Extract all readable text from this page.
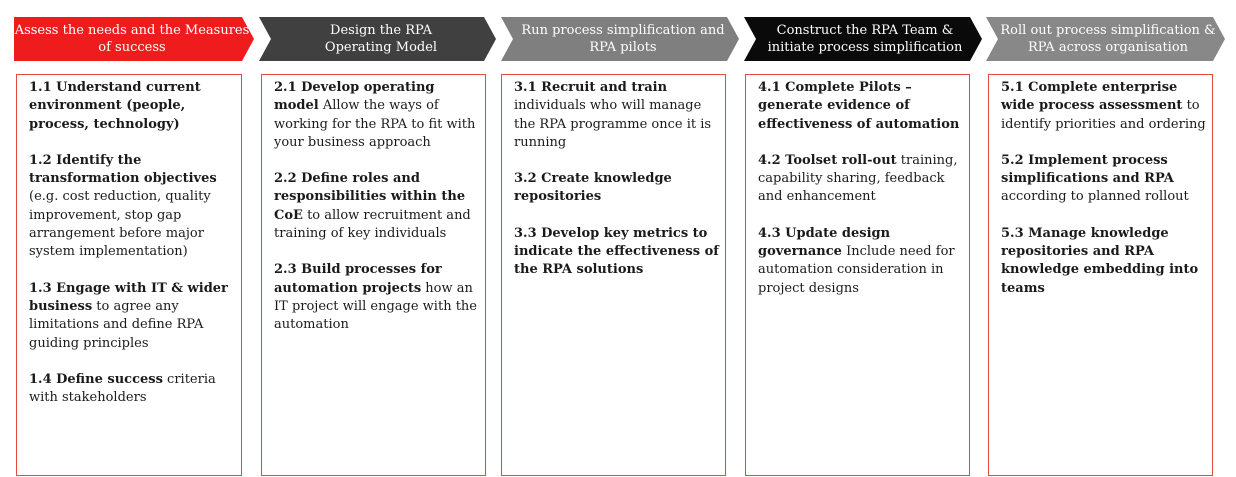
Assess the needs and the Measures
of success
Design the RPA
Operating Model
Run process simplification and
RPA pilots
Construct the RPA Team &
initiate process simplification
Roll out process simplification &
RPA across organisation
1.1 Understand current environment (people, process, technology)
1.2 Identify the transformation objectives (e.g. cost reduction, quality improvement, stop gap arrangement before major system implementation)
1.3 Engage with IT & wider business to agree any limitations and define RPA guiding principles
1.4 Define success criteria with stakeholders
2.1 Develop operating model Allow the ways of working for the RPA to fit with your business approach
2.2 Define roles and responsibilities within the CoE to allow recruitment and training of key individuals
2.3 Build processes for automation projects how an IT project will engage with the automation
3.1 Recruit and train individuals who will manage the RPA programme once it is running
3.2 Create knowledge repositories
3.3 Develop key metrics to indicate the effectiveness of the RPA solutions
4.1 Complete Pilots – generate evidence of effectiveness of automation
4.2 Toolset roll-out training, capability sharing, feedback and enhancement
4.3 Update design governance Include need for automation consideration in project designs
5.1 Complete enterprise wide process assessment to identify priorities and ordering
5.2 Implement process simplifications and RPA according to planned rollout
5.3 Manage knowledge repositories and RPA knowledge embedding into teams
